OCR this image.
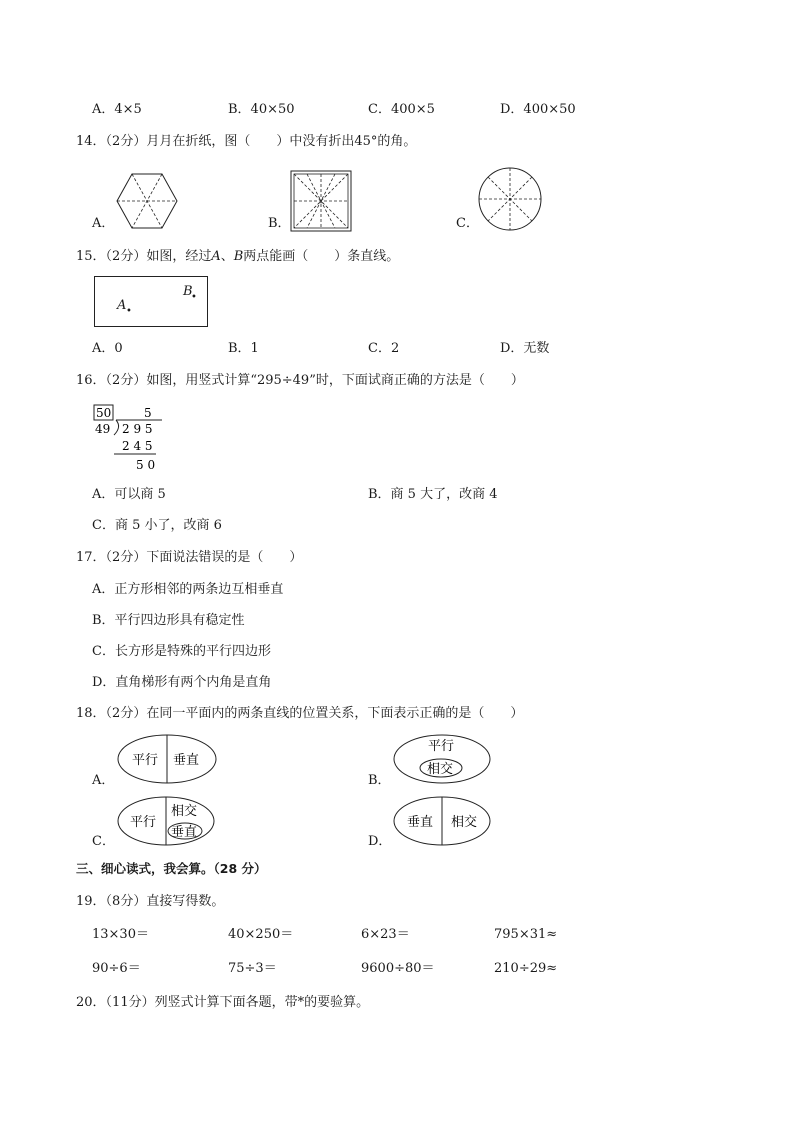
A．4×5	B．40×50	C．400×5	D．400×50
14．（2分）月月在折纸，图（　　）中没有折出45°的角。
A．	B．	C．
15．（2分）如图，经过A、B两点能画（　　）条直线。
A •
B
•
A．0	B．1	C．2	D．无数
16．（2分）如图，用竖式计算“295÷49”时，下面试商正确的方法是（　　）
50	5
49 2 9 5
2 4 5
5 0
A．可以商 5	B．商 5 大了，改商 4
C．商 5 小了，改商 6
17．（2分）下面说法错误的是（　　）
A．正方形相邻的两条边互相垂直
B．平行四边形具有稳定性
C．长方形是特殊的平行四边形
D．直角梯形有两个内角是直角
18．（2分）在同一平面内的两条直线的位置关系，下面表示正确的是（　　）
A．
平行 垂直
B．
平行
相交
C．
平行
相交
垂直
D．
垂直 相交
三、细心读式，我会算。（28 分）
19．（8分）直接写得数。
13×30＝	40×250＝	6×23＝	795×31≈
90÷6＝	75÷3＝	9600÷80＝	210÷29≈
20．（11分）列竖式计算下面各题，带*的要验算。
